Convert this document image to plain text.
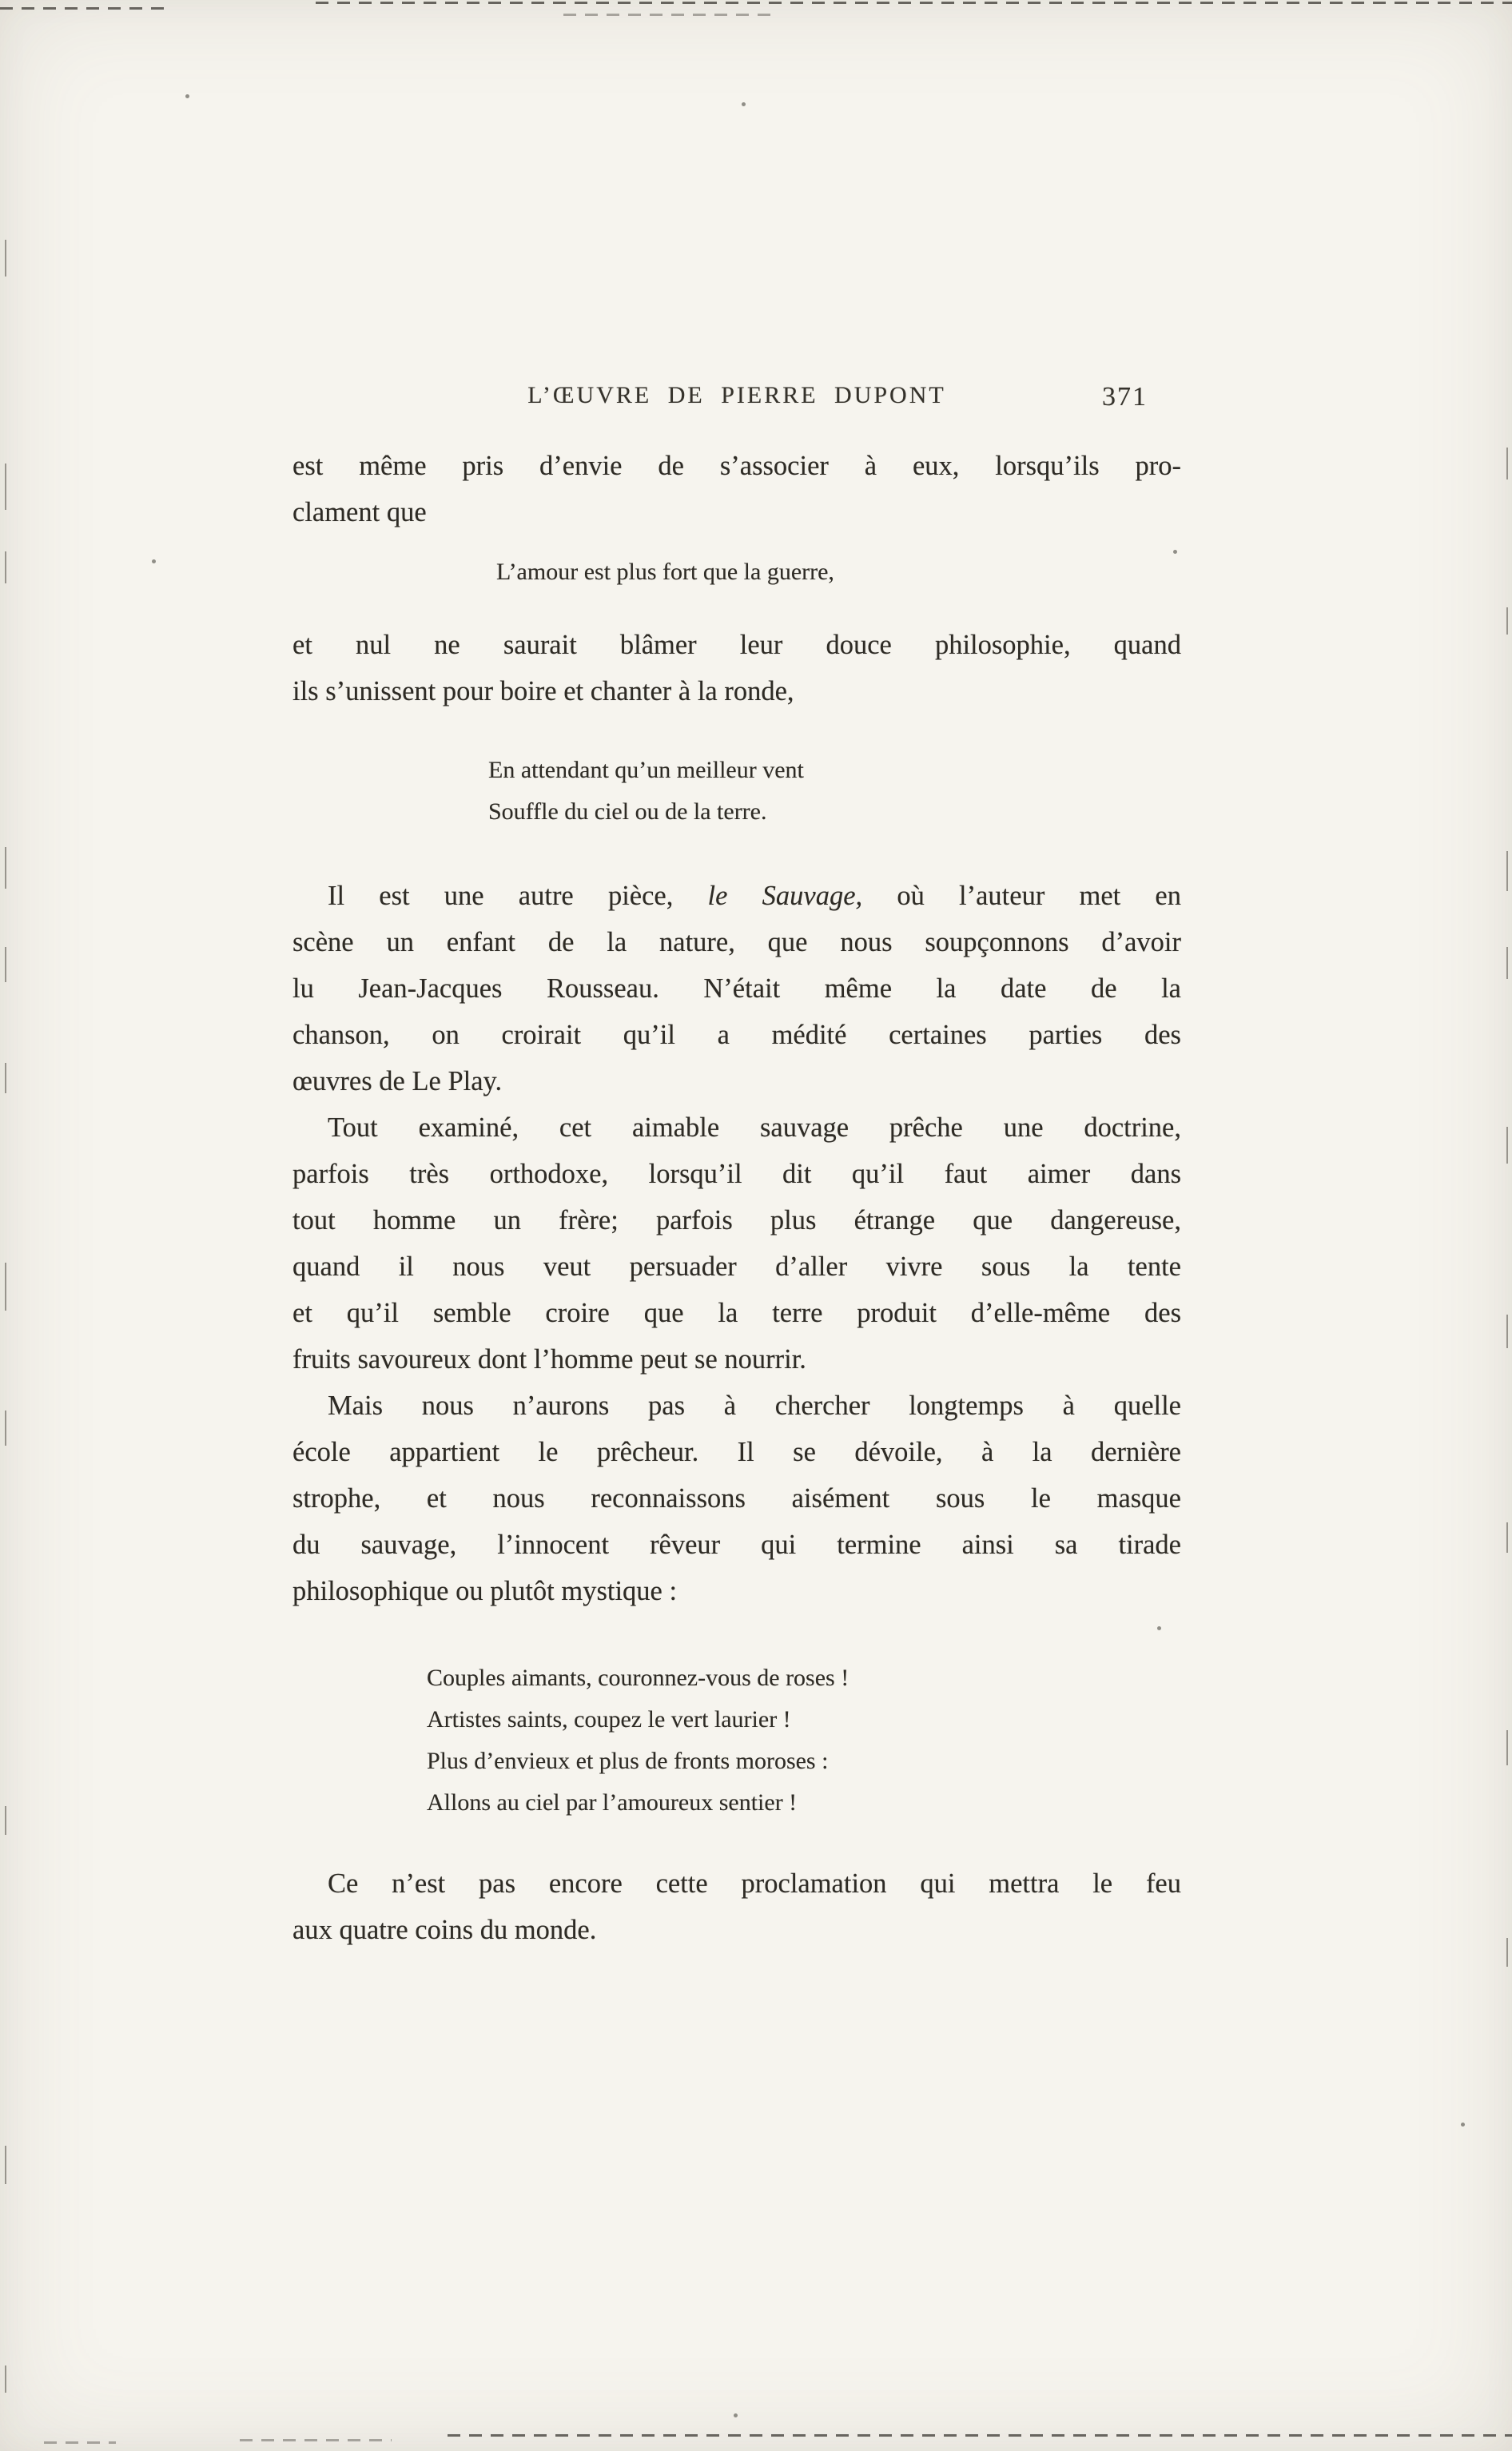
L’ŒUVRE DE PIERRE DUPONT	371
est même pris d’envie de s’associer à eux, lorsqu’ils pro-
clament que
L’amour est plus fort que la guerre,
et nul ne saurait blâmer leur douce philosophie, quand
ils s’unissent pour boire et chanter à la ronde,
En attendant qu’un meilleur vent
Souffle du ciel ou de la terre.
Il est une autre pièce, le Sauvage, où l’auteur met en
scène un enfant de la nature, que nous soupçonnons d’avoir
lu Jean-Jacques Rousseau. N’était même la date de la
chanson, on croirait qu’il a médité certaines parties des
œuvres de Le Play.
Tout examiné, cet aimable sauvage prêche une doctrine,
parfois très orthodoxe, lorsqu’il dit qu’il faut aimer dans
tout homme un frère; parfois plus étrange que dangereuse,
quand il nous veut persuader d’aller vivre sous la tente
et qu’il semble croire que la terre produit d’elle-même des
fruits savoureux dont l’homme peut se nourrir.
Mais nous n’aurons pas à chercher longtemps à quelle
école appartient le prêcheur. Il se dévoile, à la dernière
strophe, et nous reconnaissons aisément sous le masque
du sauvage, l’innocent rêveur qui termine ainsi sa tirade
philosophique ou plutôt mystique :
Couples aimants, couronnez-vous de roses !
Artistes saints, coupez le vert laurier !
Plus d’envieux et plus de fronts moroses :
Allons au ciel par l’amoureux sentier !
Ce n’est pas encore cette proclamation qui mettra le feu
aux quatre coins du monde.
